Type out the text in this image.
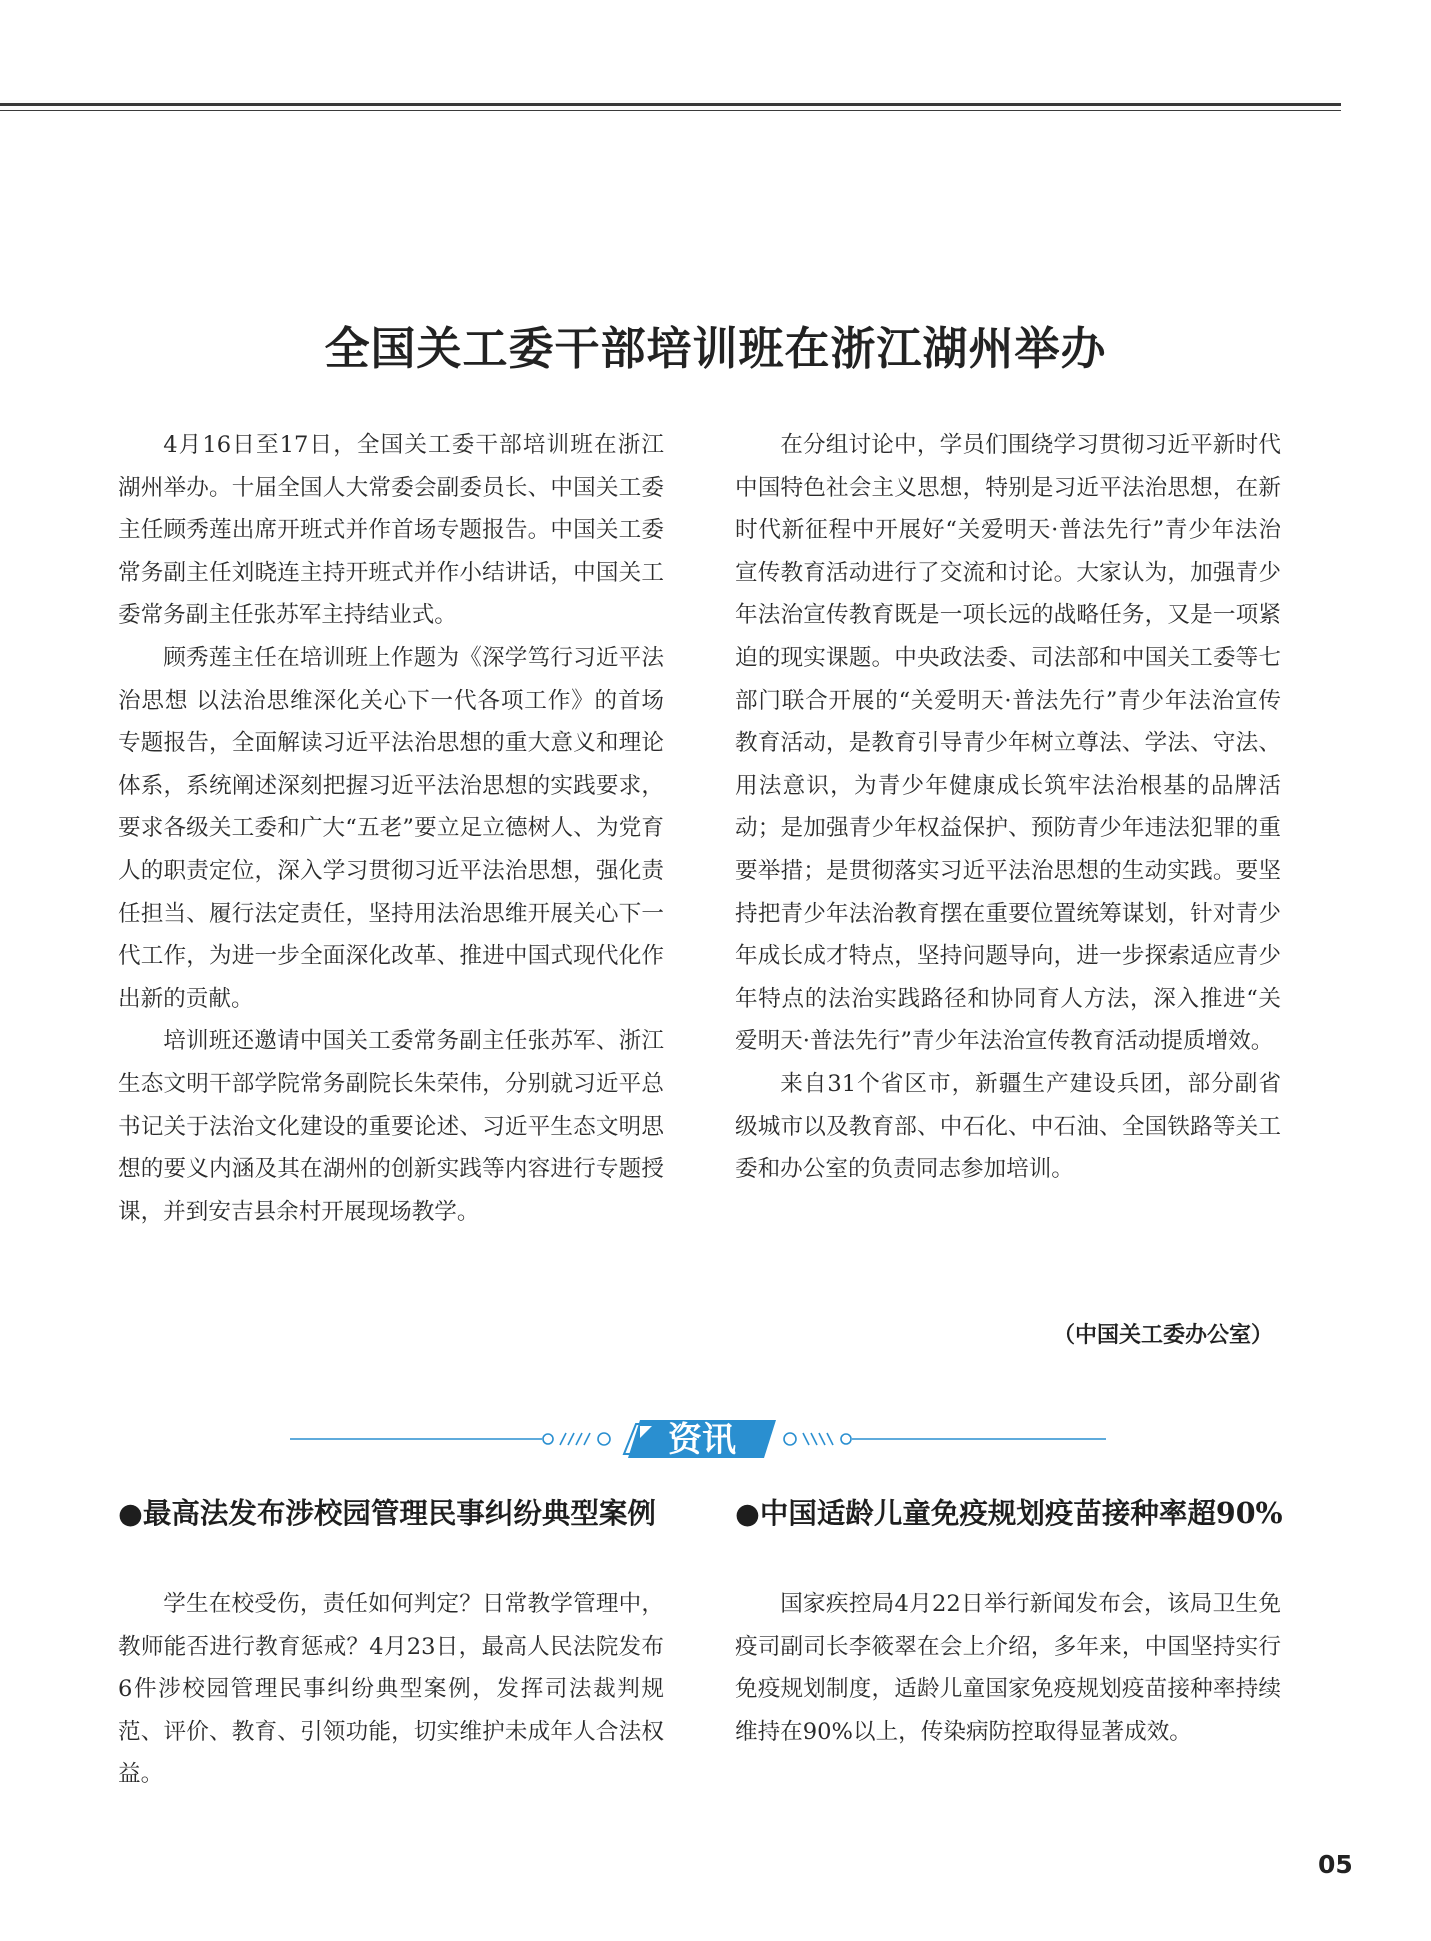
全国关工委干部培训班在浙江湖州举办

4月16日至17日，全国关工委干部培训班在浙江湖州举办。十届全国人大常委会副委员长、中国关工委主任顾秀莲出席开班式并作首场专题报告。中国关工委常务副主任刘晓连主持开班式并作小结讲话，中国关工委常务副主任张苏军主持结业式。

顾秀莲主任在培训班上作题为《深学笃行习近平法治思想 以法治思维深化关心下一代各项工作》的首场专题报告，全面解读习近平法治思想的重大意义和理论体系，系统阐述深刻把握习近平法治思想的实践要求，要求各级关工委和广大“五老”要立足立德树人、为党育人的职责定位，深入学习贯彻习近平法治思想，强化责任担当、履行法定责任，坚持用法治思维开展关心下一代工作，为进一步全面深化改革、推进中国式现代化作出新的贡献。

培训班还邀请中国关工委常务副主任张苏军、浙江生态文明干部学院常务副院长朱荣伟，分别就习近平总书记关于法治文化建设的重要论述、习近平生态文明思想的要义内涵及其在湖州的创新实践等内容进行专题授课，并到安吉县余村开展现场教学。

在分组讨论中，学员们围绕学习贯彻习近平新时代中国特色社会主义思想，特别是习近平法治思想，在新时代新征程中开展好“关爱明天·普法先行”青少年法治宣传教育活动进行了交流和讨论。大家认为，加强青少年法治宣传教育既是一项长远的战略任务，又是一项紧迫的现实课题。中央政法委、司法部和中国关工委等七部门联合开展的“关爱明天·普法先行”青少年法治宣传教育活动，是教育引导青少年树立尊法、学法、守法、用法意识，为青少年健康成长筑牢法治根基的品牌活动；是加强青少年权益保护、预防青少年违法犯罪的重要举措；是贯彻落实习近平法治思想的生动实践。要坚持把青少年法治教育摆在重要位置统筹谋划，针对青少年成长成才特点，坚持问题导向，进一步探索适应青少年特点的法治实践路径和协同育人方法，深入推进“关爱明天·普法先行”青少年法治宣传教育活动提质增效。

来自31个省区市，新疆生产建设兵团，部分副省级城市以及教育部、中石化、中石油、全国铁路等关工委和办公室的负责同志参加培训。

（中国关工委办公室）
资讯
●最高法发布涉校园管理民事纠纷典型案例
学生在校受伤，责任如何判定？日常教学管理中，教师能否进行教育惩戒？4月23日，最高人民法院发布6件涉校园管理民事纠纷典型案例，发挥司法裁判规范、评价、教育、引领功能，切实维护未成年人合法权益。
●中国适龄儿童免疫规划疫苗接种率超90%
国家疾控局4月22日举行新闻发布会，该局卫生免疫司副司长李筱翠在会上介绍，多年来，中国坚持实行免疫规划制度，适龄儿童国家免疫规划疫苗接种率持续维持在90%以上，传染病防控取得显著成效。
05
